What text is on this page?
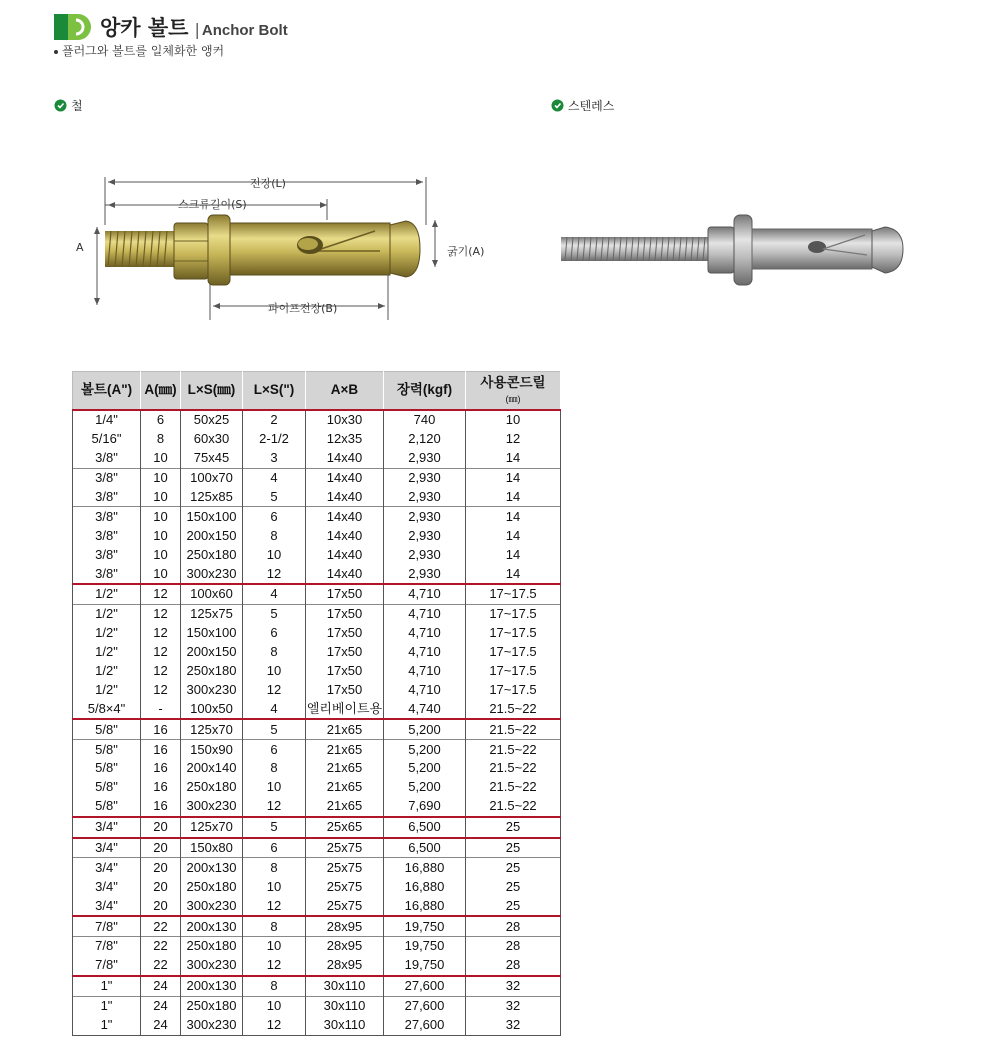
앙카 볼트 | Anchor Bolt
플러그와 볼트를 일체화한 앵커
철	스텐레스
전장(L)
스크류길이(S)
A	굵기(A)
파이프전장(B)
볼트(A")	A(㎜)	L×S(㎜)	L×S(")	A×B	장력(kgf)	사용콘드릴
(㎜)
1/4"	6	50x25	2	10x30	740	10
5/16"	8	60x30	2-1/2	12x35	2,120	12
3/8"	10	75x45	3	14x40	2,930	14
3/8"	10	100x70	4	14x40	2,930	14
3/8"	10	125x85	5	14x40	2,930	14
3/8"	10	150x100	6	14x40	2,930	14
3/8"	10	200x150	8	14x40	2,930	14
3/8"	10	250x180	10	14x40	2,930	14
3/8"	10	300x230	12	14x40	2,930	14
1/2"	12	100x60	4	17x50	4,710	17~17.5
1/2"	12	125x75	5	17x50	4,710	17~17.5
1/2"	12	150x100	6	17x50	4,710	17~17.5
1/2"	12	200x150	8	17x50	4,710	17~17.5
1/2"	12	250x180	10	17x50	4,710	17~17.5
1/2"	12	300x230	12	17x50	4,710	17~17.5
5/8×4"	-	100x50	4	엘리베이트용	4,740	21.5~22
5/8"	16	125x70	5	21x65	5,200	21.5~22
5/8"	16	150x90	6	21x65	5,200	21.5~22
5/8"	16	200x140	8	21x65	5,200	21.5~22
5/8"	16	250x180	10	21x65	5,200	21.5~22
5/8"	16	300x230	12	21x65	7,690	21.5~22
3/4"	20	125x70	5	25x65	6,500	25
3/4"	20	150x80	6	25x75	6,500	25
3/4"	20	200x130	8	25x75	16,880	25
3/4"	20	250x180	10	25x75	16,880	25
3/4"	20	300x230	12	25x75	16,880	25
7/8"	22	200x130	8	28x95	19,750	28
7/8"	22	250x180	10	28x95	19,750	28
7/8"	22	300x230	12	28x95	19,750	28
1"	24	200x130	8	30x110	27,600	32
1"	24	250x180	10	30x110	27,600	32
1"	24	300x230	12	30x110	27,600	32
